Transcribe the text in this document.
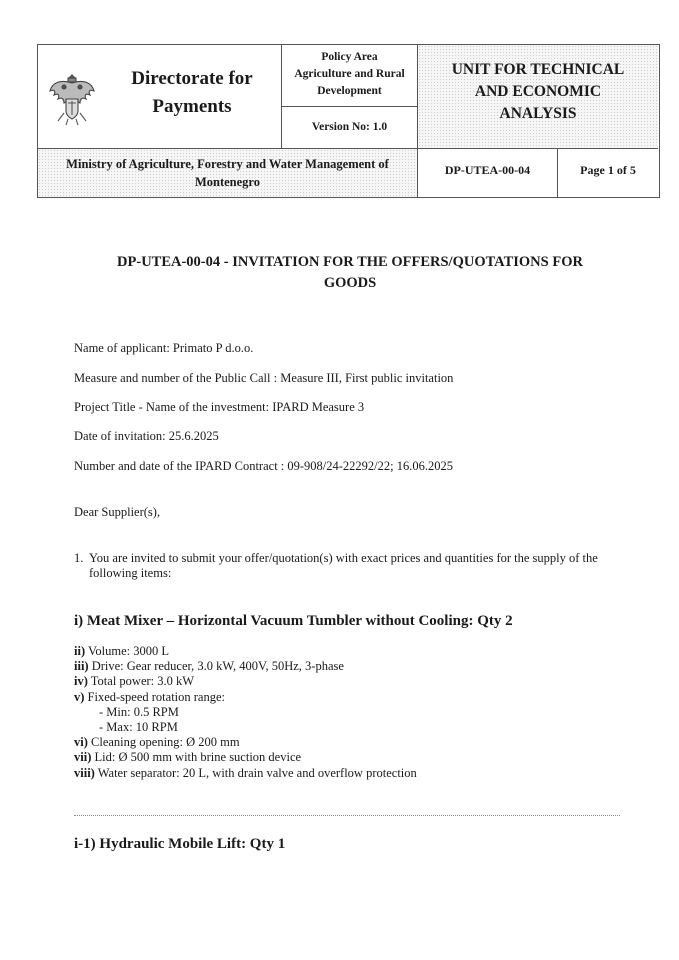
Directorate for Payments
Policy Area
Agriculture and Rural
Development
Version No: 1.0
UNIT FOR TECHNICAL
AND ECONOMIC
ANALYSIS
Ministry of Agriculture, Forestry and Water Management of
Montenegro
DP-UTEA-00-04	Page 1 of 5
DP-UTEA-00-04 - INVITATION FOR THE OFFERS/QUOTATIONS FOR
GOODS
Name of applicant: Primato P d.o.o.
Measure and number of the Public Call : Measure III, First public invitation
Project Title - Name of the investment: IPARD Measure 3
Date of invitation: 25.6.2025
Number and date of the IPARD Contract : 09-908/24-22292/22; 16.06.2025
Dear Supplier(s),
1. You are invited to submit your offer/quotation(s) with exact prices and quantities for the supply of the following items:
i) Meat Mixer – Horizontal Vacuum Tumbler without Cooling: Qty 2
ii) Volume: 3000 L
iii) Drive: Gear reducer, 3.0 kW, 400V, 50Hz, 3-phase
iv) Total power: 3.0 kW
v) Fixed-speed rotation range:
- Min: 0.5 RPM
- Max: 10 RPM
vi) Cleaning opening: Ø 200 mm
vii) Lid: Ø 500 mm with brine suction device
viii) Water separator: 20 L, with drain valve and overflow protection
i-1) Hydraulic Mobile Lift: Qty 1
